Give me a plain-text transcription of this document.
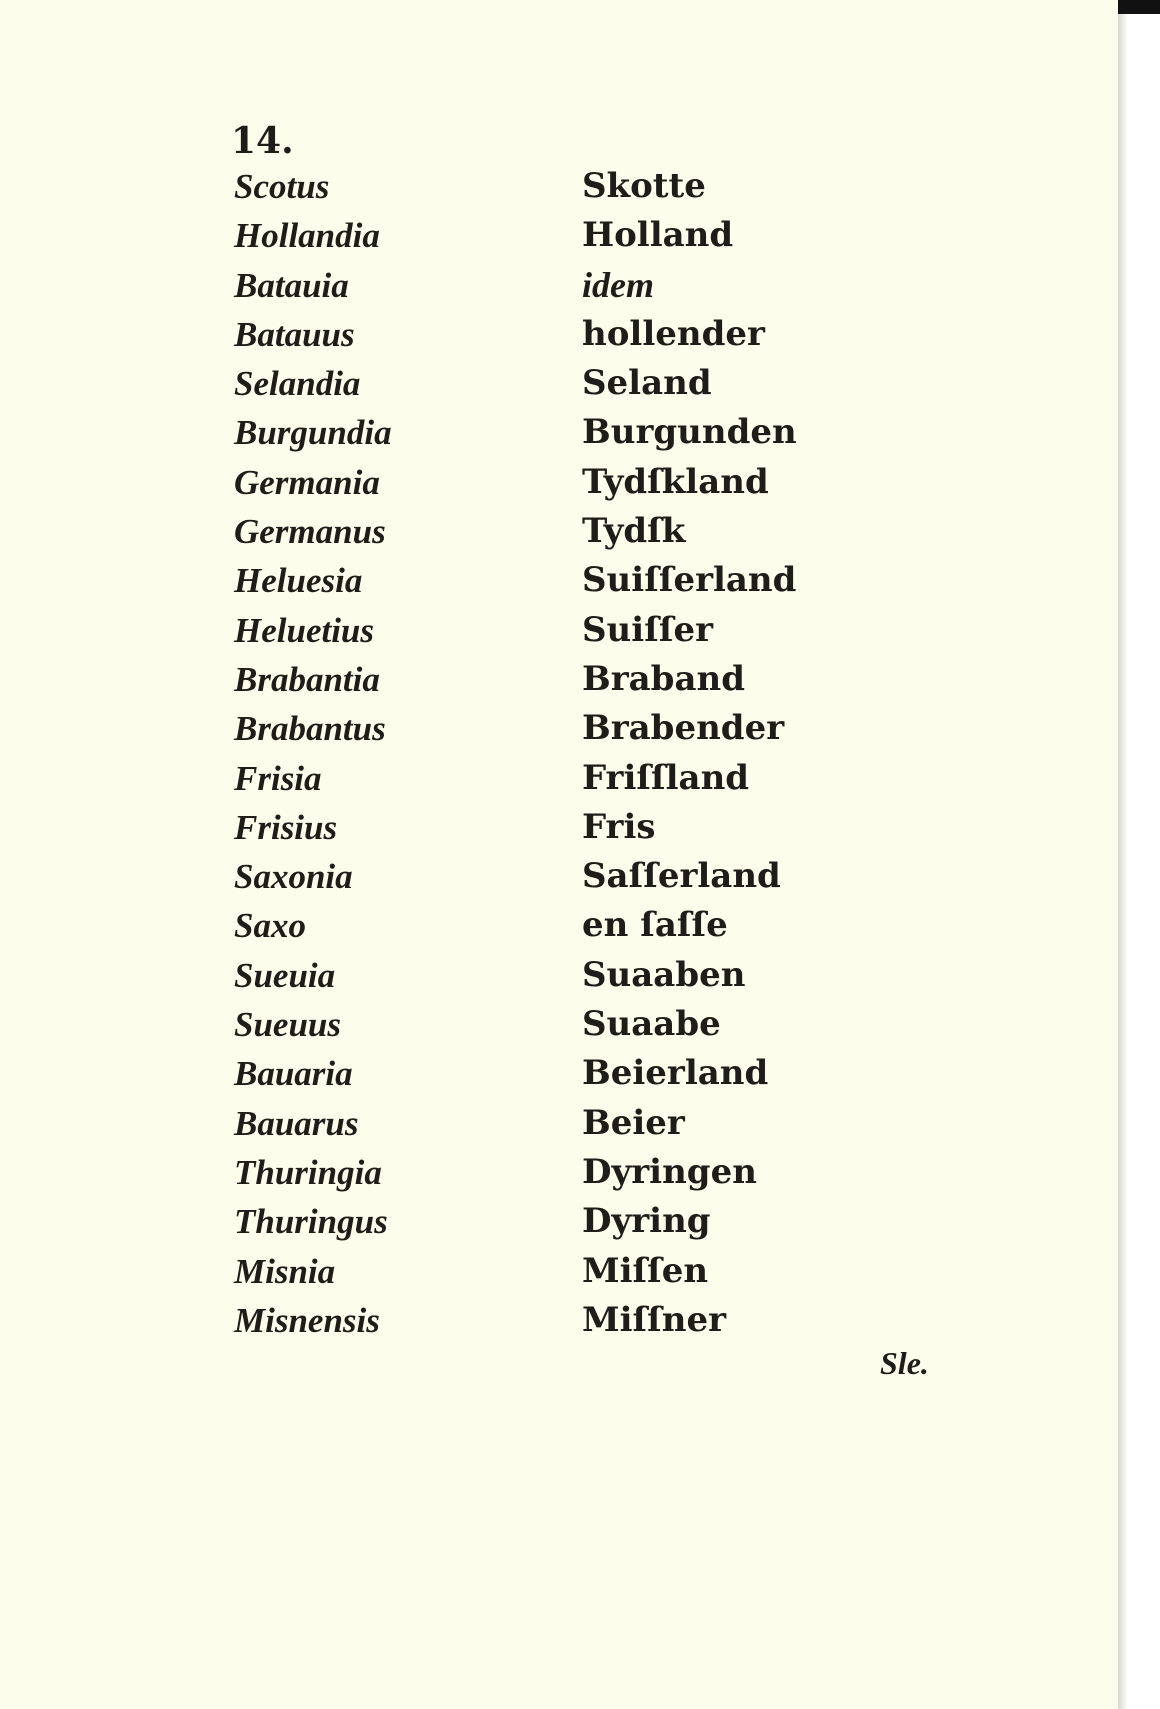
14.
Scotus
Hollandia
Batauia
Batauus
Selandia
Burgundia
Germania
Germanus
Heluesia
Heluetius
Brabantia
Brabantus
Frisia
Frisius
Saxonia
Saxo
Sueuia
Sueuus
Bauaria
Bauarus
Thuringia
Thuringus
Misnia
Misnensis
Skotte
Holland
idem
hollender
Seland
Burgunden
Tydſkland
Tydſk
Suiſſerland
Suiſſer
Braband
Brabender
Friſſland
Fris
Saſſerland
en ſaſſe
Suaaben
Suaabe
Beierland
Beier
Dyringen
Dyring
Miſſen
Miſſner
Sle.
